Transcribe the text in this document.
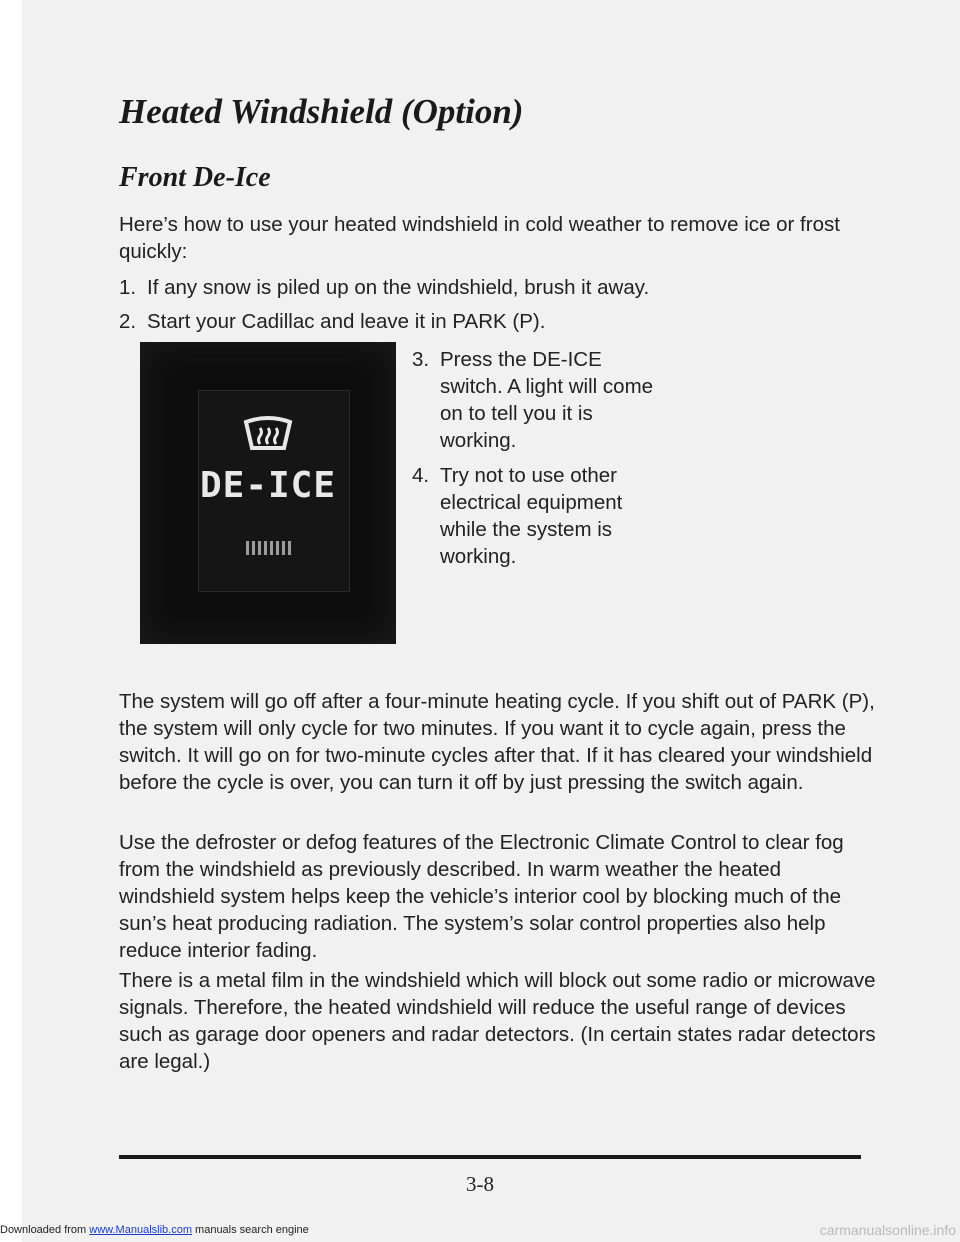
Heated Windshield (Option)
Front De-Ice

Here’s how to use your heated windshield in cold weather to remove ice or frost quickly:

1. If any snow is piled up on the windshield, brush it away.
2. Start your Cadillac and leave it in PARK (P).
DE-ICE
3. Press the DE-ICE switch. A light will come on to tell you it is working.
4. Try not to use other electrical equipment while the system is working.

The system will go off after a four-minute heating cycle. If you shift out of PARK (P), the system will only cycle for two minutes. If you want it to cycle again, press the switch. It will go on for two-minute cycles after that. If it has cleared your windshield before the cycle is over, you can turn it off by just pressing the switch again.

Use the defroster or defog features of the Electronic Climate Control to clear fog from the windshield as previously described. In warm weather the heated windshield system helps keep the vehicle’s interior cool by blocking much of the sun’s heat producing radiation. The system’s solar control properties also help reduce interior fading.

There is a metal film in the windshield which will block out some radio or microwave signals. Therefore, the heated windshield will reduce the useful range of devices such as garage door openers and radar detectors. (In certain states radar detectors are legal.)

3-8
Downloaded from www.Manualslib.com manuals search engine	carmanualsonline.info
